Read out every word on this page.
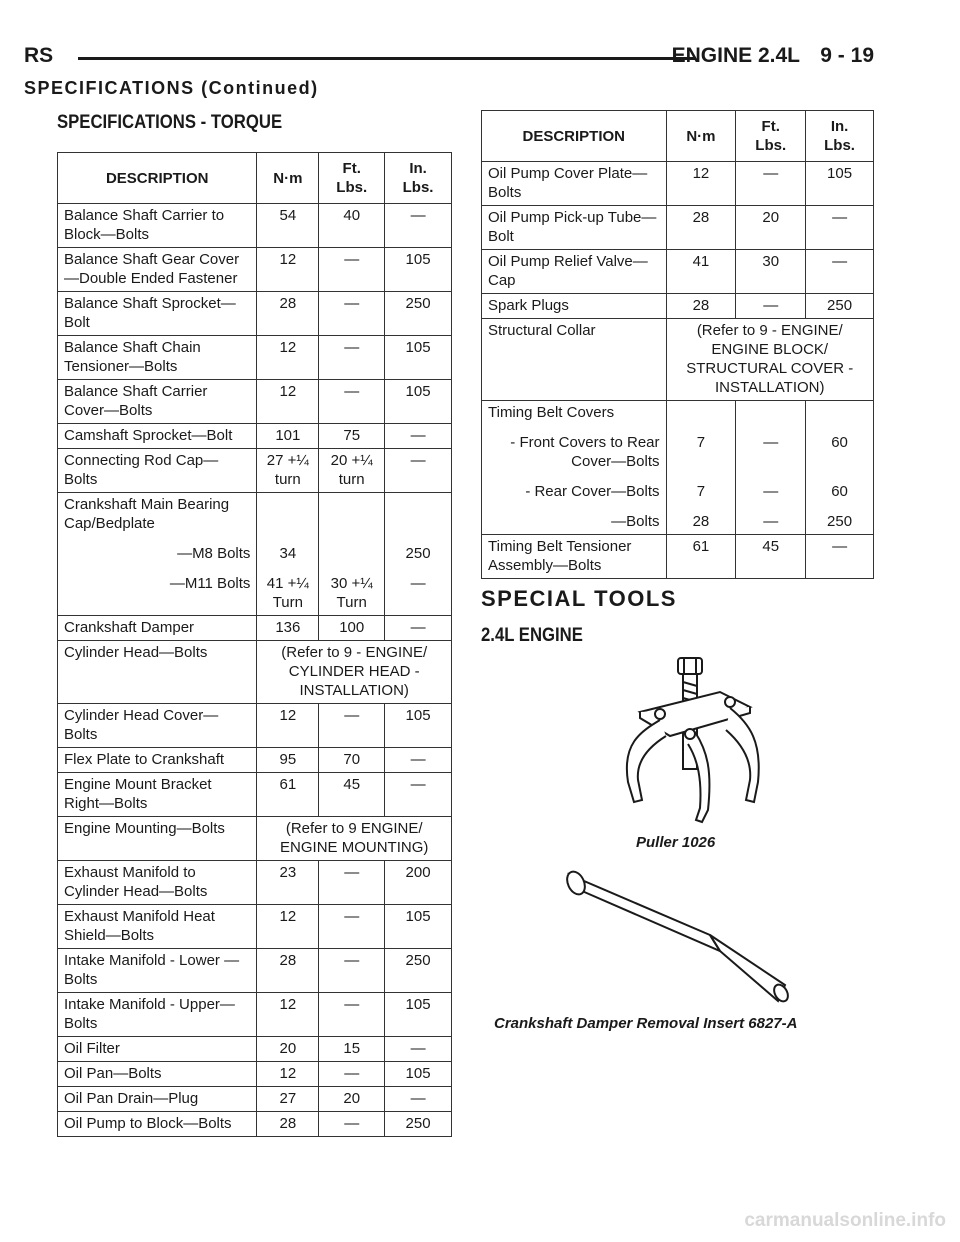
RS	ENGINE 2.4L 9 - 19
SPECIFICATIONS (Continued)
SPECIFICATIONS - TORQUE
DESCRIPTION	N·m	Ft.
Lbs.	In.
Lbs.

Balance Shaft Carrier to Block—Bolts	54	40	—
Balance Shaft Gear Cover—Double Ended Fastener	12	—	105
Balance Shaft Sprocket—Bolt	28	—	250
Balance Shaft Chain Tensioner—Bolts	12	—	105
Balance Shaft Carrier Cover—Bolts	12	—	105
Camshaft Sprocket—Bolt	101	75	—
Connecting Rod Cap—Bolts	27 +¼ turn	20 +¼ turn	—
Crankshaft Main Bearing Cap/Bedplate			
—M8 Bolts	34		250
—M11 Bolts	41 +¼ Turn	30 +¼ Turn	—
Crankshaft Damper	136	100	—
Cylinder Head—Bolts	(Refer to 9 - ENGINE/ CYLINDER HEAD - INSTALLATION)		
Cylinder Head Cover—Bolts	12	—	105
Flex Plate to Crankshaft	95	70	—
Engine Mount Bracket Right—Bolts	61	45	—
Engine Mounting—Bolts	(Refer to 9 ENGINE/ ENGINE MOUNTING)		
Exhaust Manifold to Cylinder Head—Bolts	23	—	200
Exhaust Manifold Heat Shield—Bolts	12	—	105
Intake Manifold - Lower —Bolts	28	—	250
Intake Manifold - Upper—Bolts	12	—	105
Oil Filter	20	15	—
Oil Pan—Bolts	12	—	105
Oil Pan Drain—Plug	27	20	—
Oil Pump to Block—Bolts	28	—	250
DESCRIPTION	N·m	Ft.
Lbs.	In.
Lbs.

Oil Pump Cover Plate—Bolts	12	—	105
Oil Pump Pick-up Tube—Bolt	28	20	—
Oil Pump Relief Valve—Cap	41	30	—
Spark Plugs	28	—	250
Structural Collar	(Refer to 9 - ENGINE/ ENGINE BLOCK/ STRUCTURAL COVER - INSTALLATION)		
Timing Belt Covers			
- Front Covers to Rear Cover—Bolts	7	—	60
- Rear Cover—Bolts	7	—	60
—Bolts	28	—	250
Timing Belt Tensioner Assembly—Bolts	61	45	—
SPECIAL TOOLS
2.4L ENGINE
Puller 1026
Crankshaft Damper Removal Insert 6827-A
carmanualsonline.info
